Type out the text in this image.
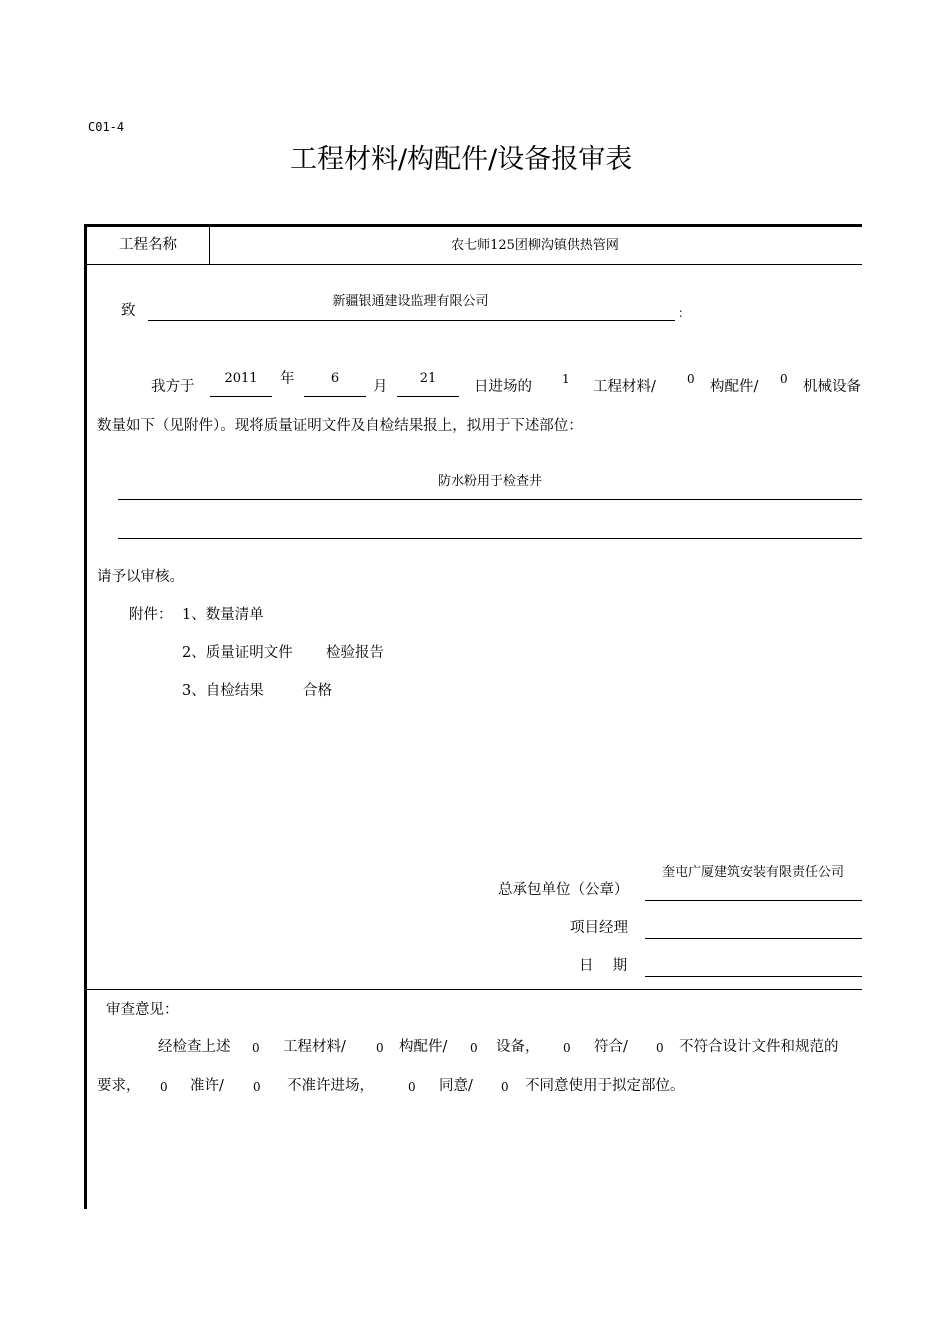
C01-4
工程材料/构配件/设备报审表
工程名称	农七师125团柳沟镇供热管网
致
新疆银通建设监理有限公司
：
我方于
2011	年	6
月
21
日进场的	1 工程材料/	0 构配件/ 0 机械设备
数量如下（见附件）。现将质量证明文件及自检结果报上，拟用于下述部位：
防水粉用于检查井
请予以审核。
附件： 1、数量清单
2、质量证明文件 检验报告
3、自检结果	合格
总承包单位（公章）
奎屯广厦建筑安装有限责任公司
项目经理
日　 期
审查意见：
经检查上述 0 工程材料/	0 构配件/ 0 设备， 0 符合/ 0 不符合设计文件和规范的
要求， 0 准许/ 0 不准许进场，	0 同意/ 0 不同意使用于拟定部位。
